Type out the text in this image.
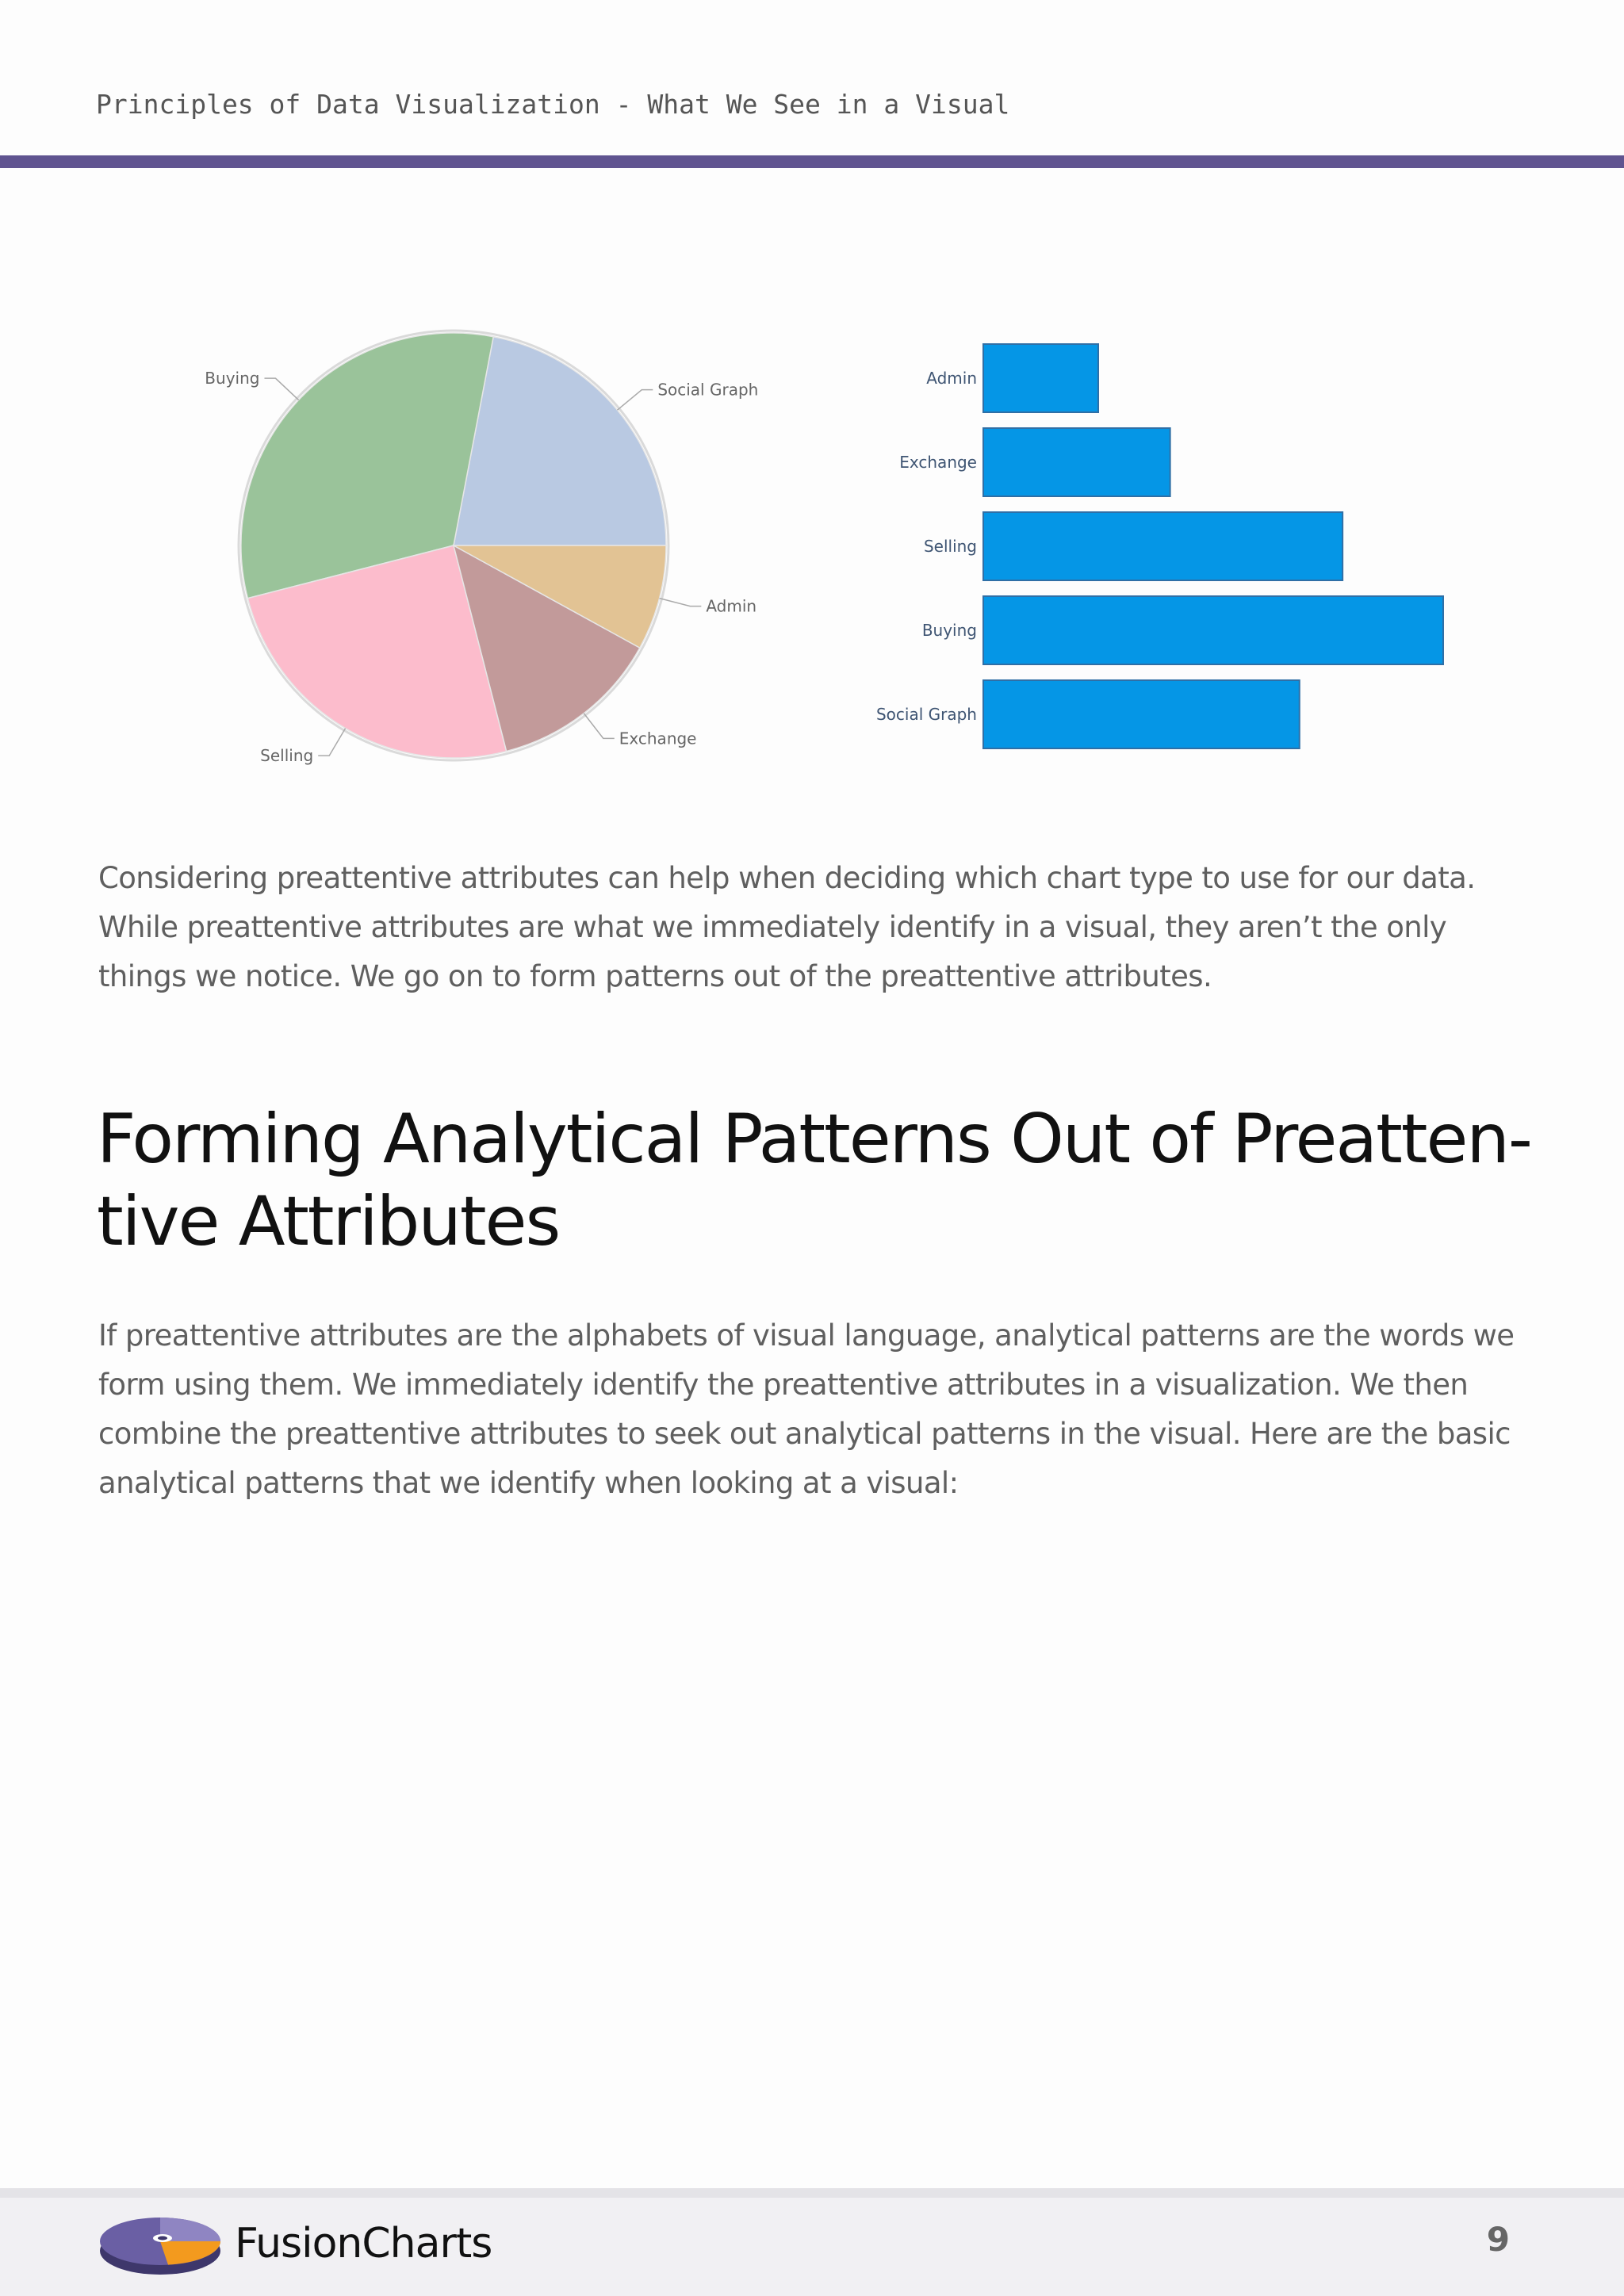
Principles of Data Visualization - What We See in a Visual
Social Graph
Buying
Selling
Exchange
Admin
Admin
Exchange
Selling
Buying
Social Graph

Considering preattentive attributes can help when deciding which chart type to use for our data. While preattentive attributes are what we immediately identify in a visual, they aren’t the only things we notice. We go on to form patterns out of the preattentive attributes.

Forming Analytical Patterns Out of Preatten-
tive Attributes

If preattentive attributes are the alphabets of visual language, analytical patterns are the words we form using them. We immediately identify the preattentive attributes in a visualization. We then combine the preattentive attributes to seek out analytical patterns in the visual. Here are the basic analytical patterns that we identify when looking at a visual:

FusionCharts	9
